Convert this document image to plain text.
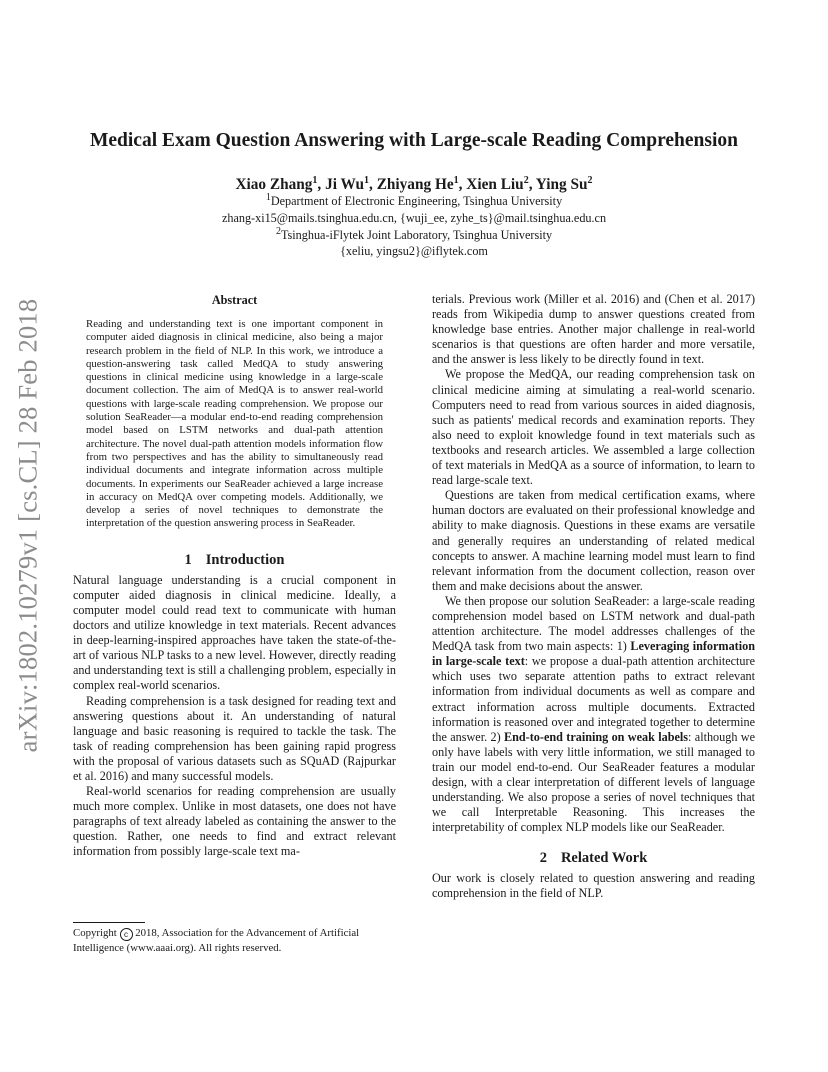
arXiv:1802.10279v1 [cs.CL] 28 Feb 2018
Medical Exam Question Answering with Large-scale Reading Comprehension
Xiao Zhang$^1$, Ji Wu$^1$, Zhiyang He$^1$, Xien Liu$^2$, Ying Su$^2$
$^1$Department of Electronic Engineering, Tsinghua University
zhang-xi15@mails.tsinghua.edu.cn, {wuji_ee, zyhe_ts}@mail.tsinghua.edu.cn
$^2$Tsinghua-iFlytek Joint Laboratory, Tsinghua University
{xeliu, yingsu2}@iflytek.com
Abstract

Reading and understanding text is one important component in computer aided diagnosis in clinical medicine, also being a major research problem in the field of NLP. In this work, we introduce a question-answering task called MedQA to study answering questions in clinical medicine using knowledge in a large-scale document collection. The aim of MedQA is to answer real-world questions with large-scale reading comprehension. We propose our solution SeaReader—a modular end-to-end reading comprehension model based on LSTM networks and dual-path attention architecture. The novel dual-path attention models information flow from two perspectives and has the ability to simultaneously read individual documents and integrate information across multiple documents. In experiments our SeaReader achieved a large increase in accuracy on MedQA over competing models. Additionally, we develop a series of novel techniques to demonstrate the interpretation of the question answering process in SeaReader.

1 Introduction

Natural language understanding is a crucial component in computer aided diagnosis in clinical medicine. Ideally, a computer model could read text to communicate with human doctors and utilize knowledge in text materials. Recent advances in deep-learning-inspired approaches have taken the state-of-the-art of various NLP tasks to a new level. However, directly reading and understanding text is still a challenging problem, especially in complex real-world scenarios.

Reading comprehension is a task designed for reading text and answering questions about it. An understanding of natural language and basic reasoning is required to tackle the task. The task of reading comprehension has been gaining rapid progress with the proposal of various datasets such as SQuAD (Rajpurkar et al. 2016) and many successful models.

Real-world scenarios for reading comprehension are usually much more complex. Unlike in most datasets, one does not have paragraphs of text already labeled as containing the answer to the question. Rather, one needs to find and extract relevant information from possibly large-scale text ma-

terials. Previous work (Miller et al. 2016) and (Chen et al. 2017) reads from Wikipedia dump to answer questions created from knowledge base entries. Another major challenge in real-world scenarios is that questions are often harder and more versatile, and the answer is less likely to be directly found in text.

We propose the MedQA, our reading comprehension task on clinical medicine aiming at simulating a real-world scenario. Computers need to read from various sources in aided diagnosis, such as patients' medical records and examination reports. They also need to exploit knowledge found in text materials such as textbooks and research articles. We assembled a large collection of text materials in MedQA as a source of information, to learn to read large-scale text.

Questions are taken from medical certification exams, where human doctors are evaluated on their professional knowledge and ability to make diagnosis. Questions in these exams are versatile and generally requires an understanding of related medical concepts to answer. A machine learning model must learn to find relevant information from the document collection, reason over them and make decisions about the answer.

We then propose our solution SeaReader: a large-scale reading comprehension model based on LSTM network and dual-path attention architecture. The model addresses challenges of the MedQA task from two main aspects: 1) Leveraging information in large-scale text: we propose a dual-path attention architecture which uses two separate attention paths to extract relevant information from individual documents as well as compare and extract information across multiple documents. Extracted information is reasoned over and integrated together to determine the answer. 2) End-to-end training on weak labels: although we only have labels with very little information, we still managed to train our model end-to-end. Our SeaReader features a modular design, with a clear interpretation of different levels of language understanding. We also propose a series of novel techniques that we call Interpretable Reasoning. This increases the interpretability of complex NLP models like our SeaReader.

2 Related Work

Our work is closely related to question answering and reading comprehension in the field of NLP.

Copyright c 2018, Association for the Advancement of Artificial Intelligence (www.aaai.org). All rights reserved.
